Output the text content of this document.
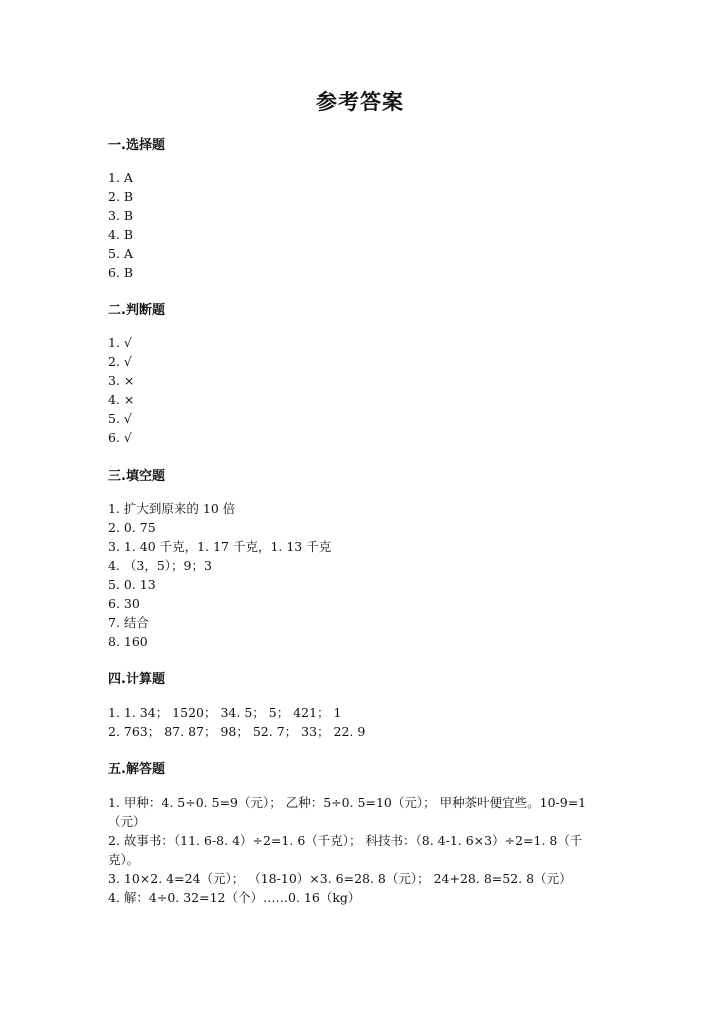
参考答案
一.选择题
1. A
2. B
3. B
4. B
5. A
6. B
二.判断题
1. √
2. √
3. ×
4. ×
5. √
6. √
三.填空题
1. 扩大到原来的 10 倍
2. 0. 75
3. 1. 40 千克，1. 17 千克，1. 13 千克
4. （3，5）；9；3
5. 0. 13
6. 30
7. 结合
8. 160
四.计算题
1. 1. 34； 1520； 34. 5； 5； 421； 1
2. 763； 87. 87； 98； 52. 7； 33； 22. 9
五.解答题
1. 甲种：4. 5÷0. 5=9（元）； 乙种：5÷0. 5=10（元）； 甲种茶叶便宜些。10-9=1（元）
2. 故事书：（11. 6-8. 4）÷2=1. 6（千克）； 科技书：（8. 4-1. 6×3）÷2=1. 8（千克）。
3. 10×2. 4=24（元）； （18-10）×3. 6=28. 8（元）； 24+28. 8=52. 8（元）
4. 解：4÷0. 32=12（个）……0. 16（kg）
